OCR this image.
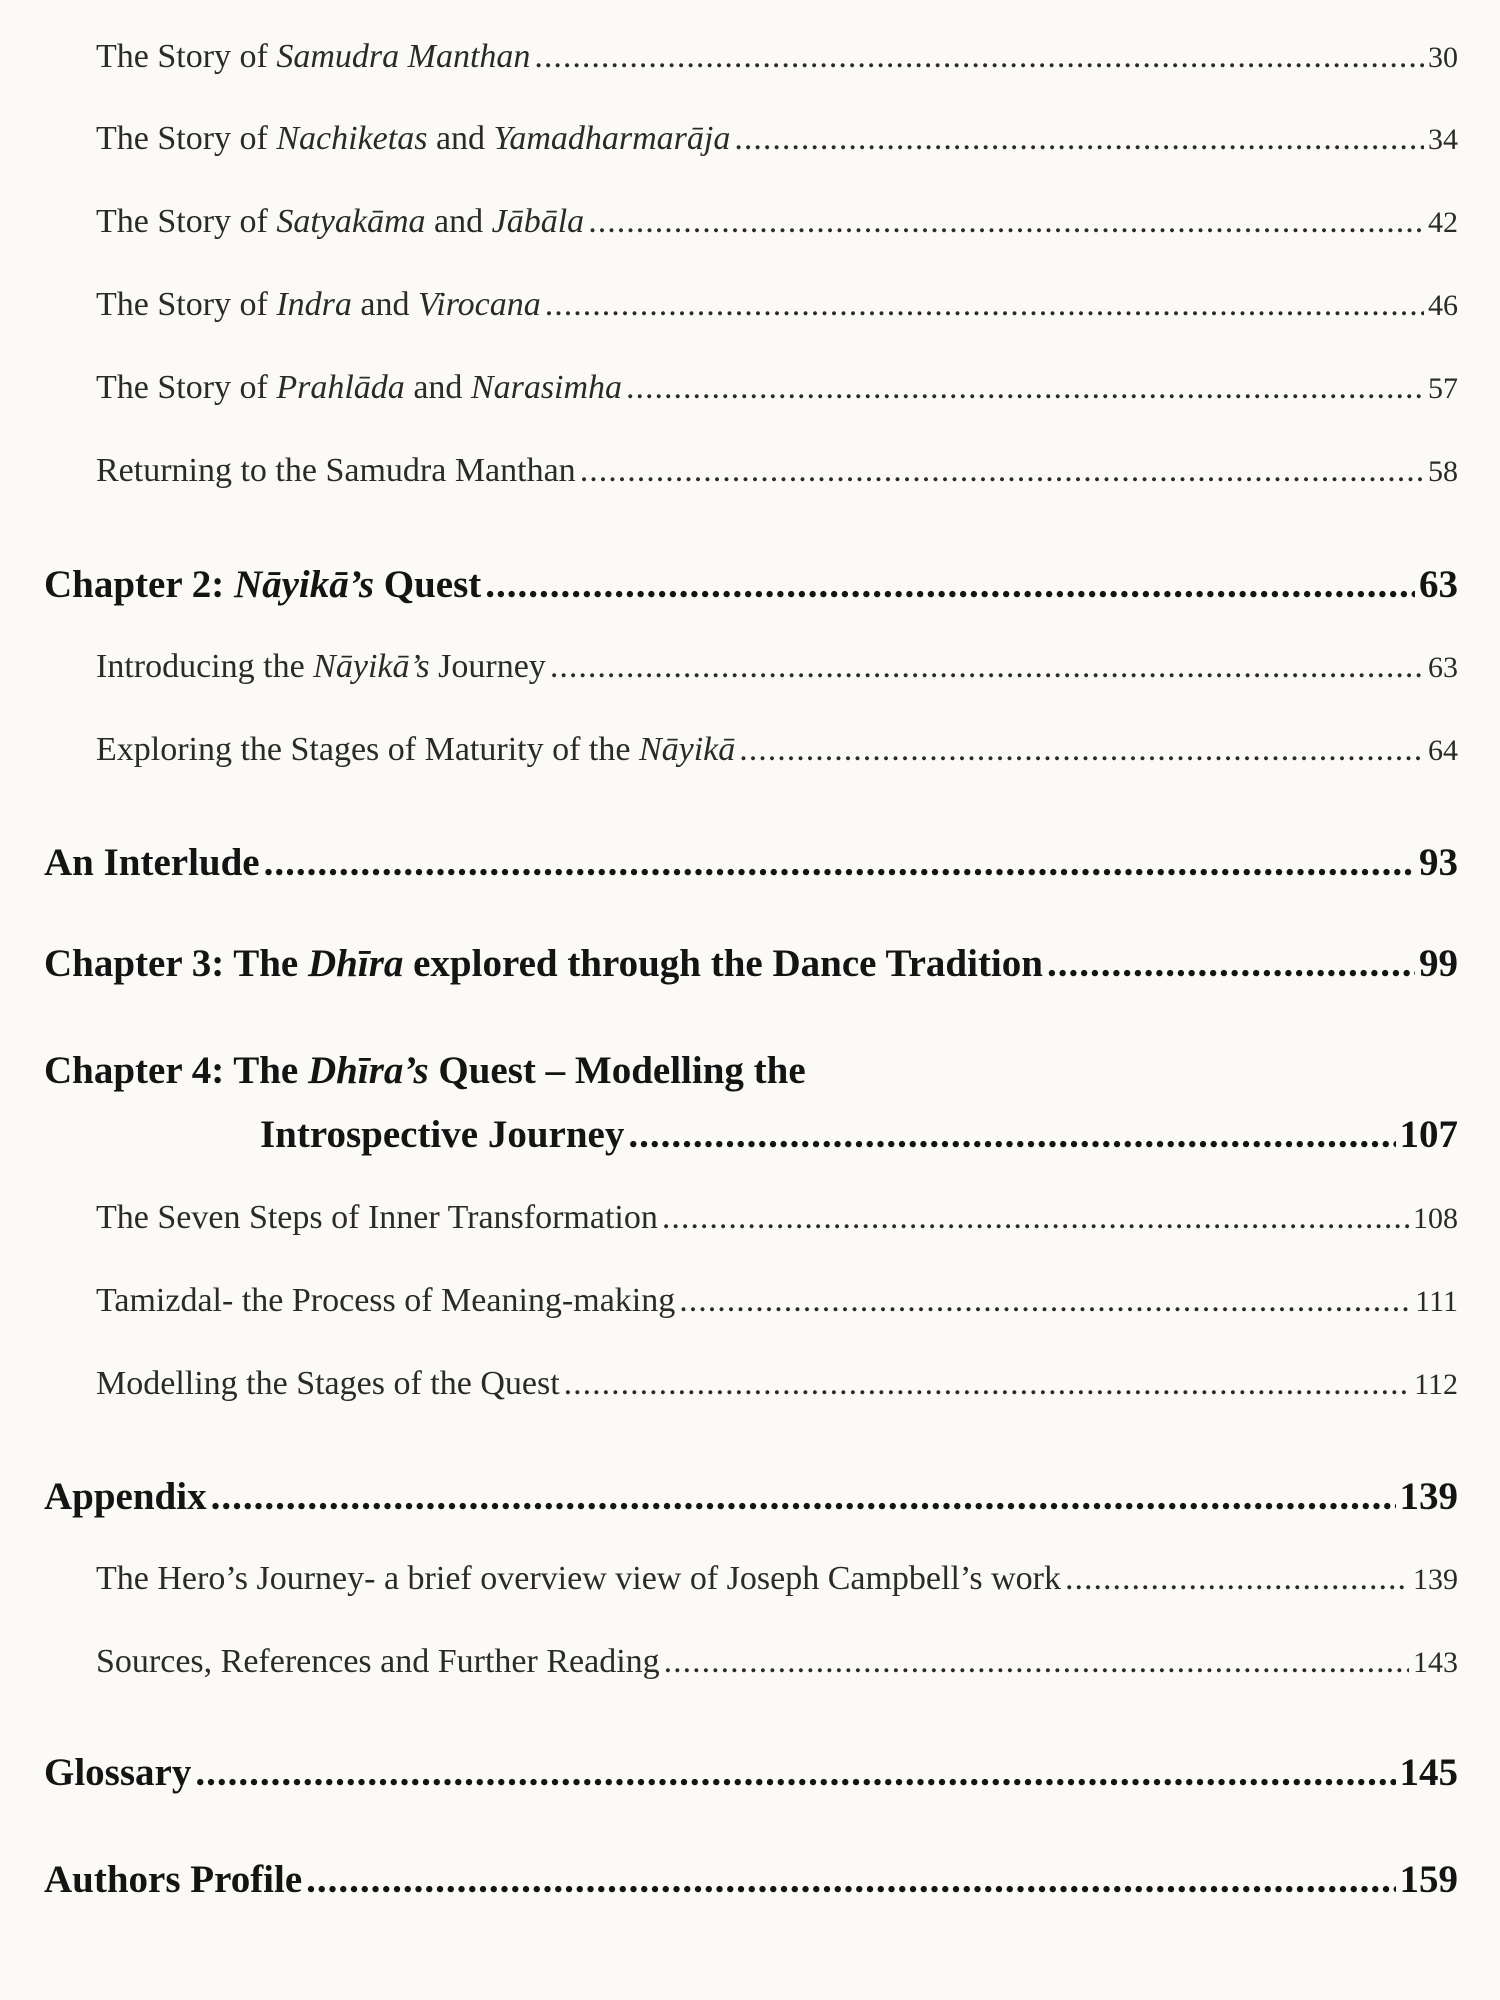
The Story of Samudra Manthan .....	30
The Story of Nachiketas and Yamadharmarāja .....	34
The Story of Satyakāma and Jābāla .....	42
The Story of Indra and Virocana .....	46
The Story of Prahlāda and Narasimha .....	57
Returning to the Samudra Manthan .....	58
Chapter 2: Nāyikā’s Quest .....	63
Introducing the Nāyikā’s Journey .....	63
Exploring the Stages of Maturity of the Nāyikā .....	64
An Interlude .....	93
Chapter 3: The Dhīra explored through the Dance Tradition .....	99
Chapter 4: The Dhīra’s Quest – Modelling the
Introspective Journey .....	107
The Seven Steps of Inner Transformation .....	108
Tamizdal- the Process of Meaning-making .....	111
Modelling the Stages of the Quest .....	112
Appendix .....	139
The Hero’s Journey- a brief overview view of Joseph Campbell’s work .....	139
Sources, References and Further Reading .....	143
Glossary .....	145
Authors Profile .....	159
